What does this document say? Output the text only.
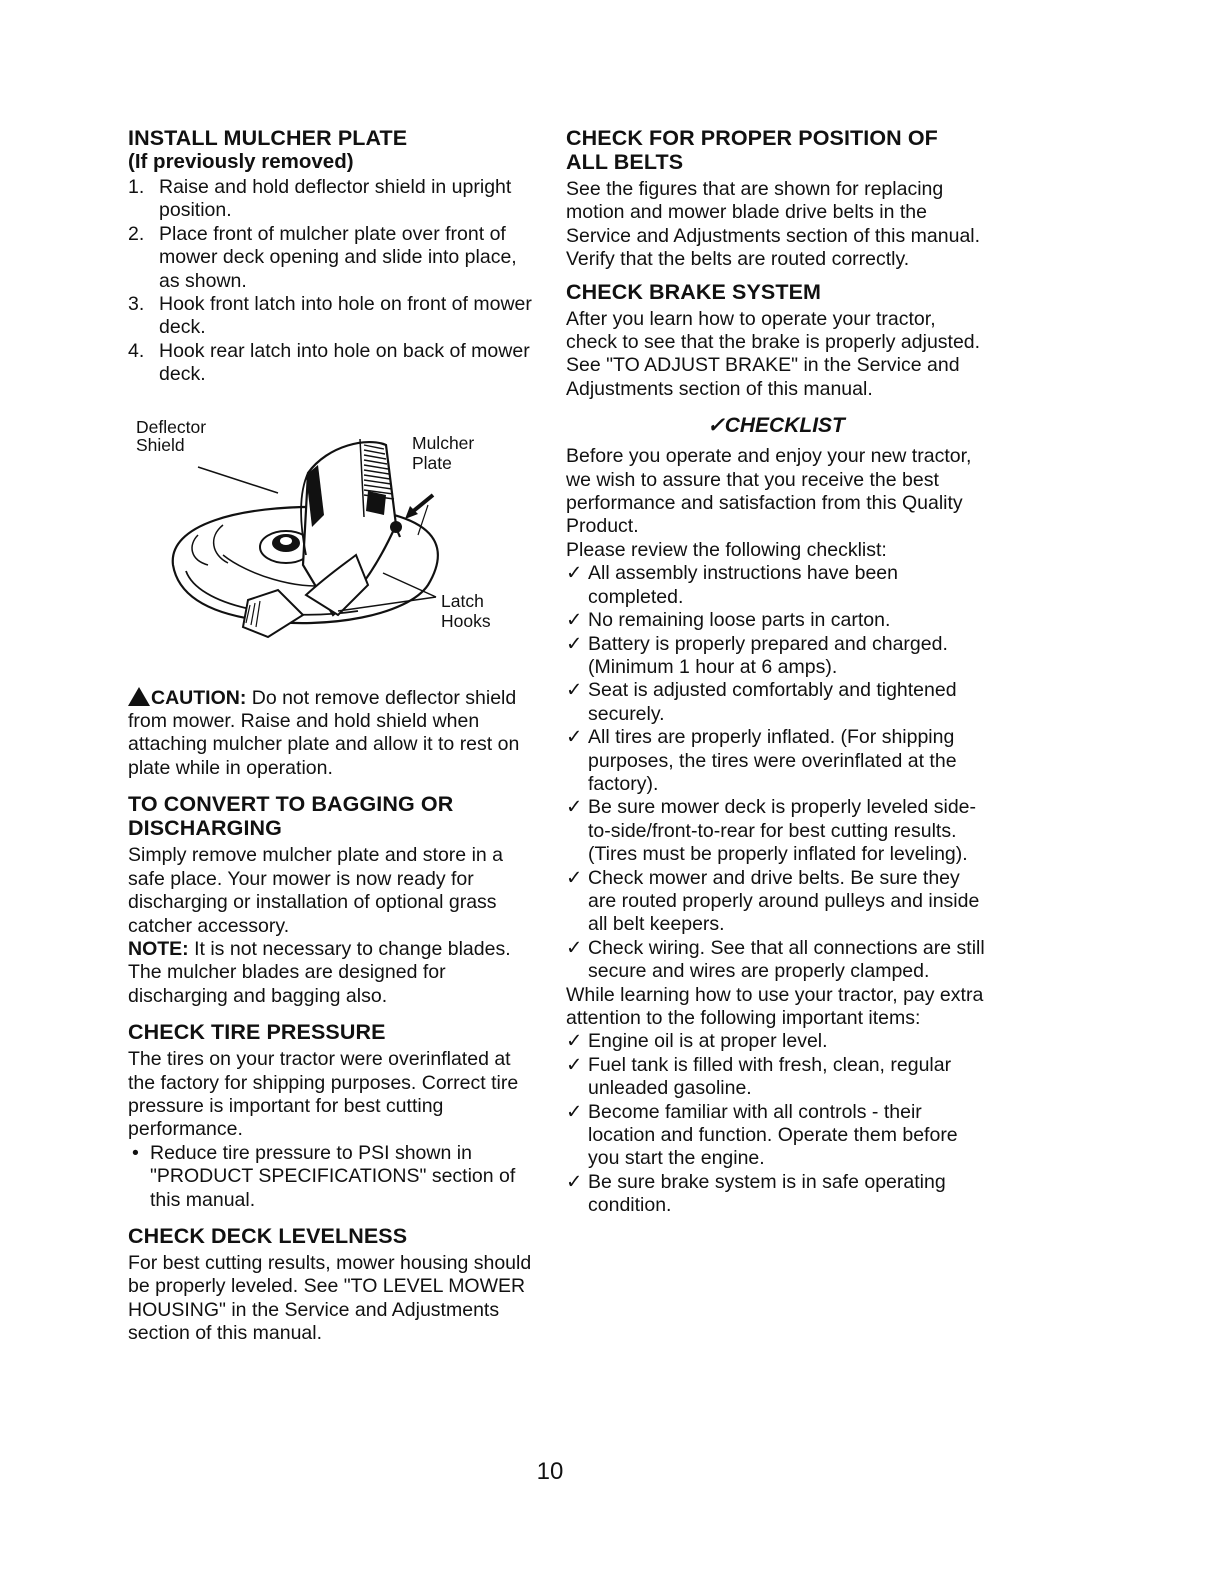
INSTALL MULCHER PLATE
(If previously removed)
1. Raise and hold deflector shield in upright position.
2. Place front of mulcher plate over front of mower deck opening and slide into place, as shown.
3. Hook front latch into hole on front of mower deck.
4. Hook rear latch into hole on back of mower deck.
Deflector
Shield	Mulcher
Plate
Latch
Hooks

CAUTION: Do not remove deflector shield from mower. Raise and hold shield when attaching mulcher plate and allow it to rest on plate while in operation.

TO CONVERT TO BAGGING OR
DISCHARGING

Simply remove mulcher plate and store in a safe place. Your mower is now ready for discharging or installation of optional grass catcher accessory.

NOTE: It is not necessary to change blades. The mulcher blades are designed for discharging and bagging also.

CHECK TIRE PRESSURE

The tires on your tractor were overinflated at the factory for shipping purposes. Correct tire pressure is important for best cutting performance.

• Reduce tire pressure to PSI shown in "PRODUCT SPECIFICATIONS" section of this manual.
CHECK DECK LEVELNESS

For best cutting results, mower housing should be properly leveled. See "TO LEVEL MOWER HOUSING" in the Service and Adjustments section of this manual.

CHECK FOR PROPER POSITION OF
ALL BELTS

See the figures that are shown for replacing motion and mower blade drive belts in the Service and Adjustments section of this manual. Verify that the belts are routed correctly.

CHECK BRAKE SYSTEM

After you learn how to operate your tractor, check to see that the brake is properly adjusted. See "TO ADJUST BRAKE" in the Service and Adjustments section of this manual.

✓CHECKLIST

Before you operate and enjoy your new tractor, we wish to assure that you receive the best performance and satisfaction from this Quality Product.

Please review the following checklist:

✓ All assembly instructions have been completed.
✓ No remaining loose parts in carton.
✓ Battery is properly prepared and charged. (Minimum 1 hour at 6 amps).
✓ Seat is adjusted comfortably and tightened securely.
✓ All tires are properly inflated. (For shipping purposes, the tires were overinflated at the factory).
✓ Be sure mower deck is properly leveled side-to-side/front-to-rear for best cutting results. (Tires must be properly inflated for leveling).
✓ Check mower and drive belts. Be sure they are routed properly around pulleys and inside all belt keepers.
✓ Check wiring. See that all connections are still secure and wires are properly clamped.

While learning how to use your tractor, pay extra attention to the following important items:

✓ Engine oil is at proper level.
✓ Fuel tank is filled with fresh, clean, regular unleaded gasoline.
✓ Become familiar with all controls - their location and function. Operate them before you start the engine.
✓ Be sure brake system is in safe operating condition.
10
